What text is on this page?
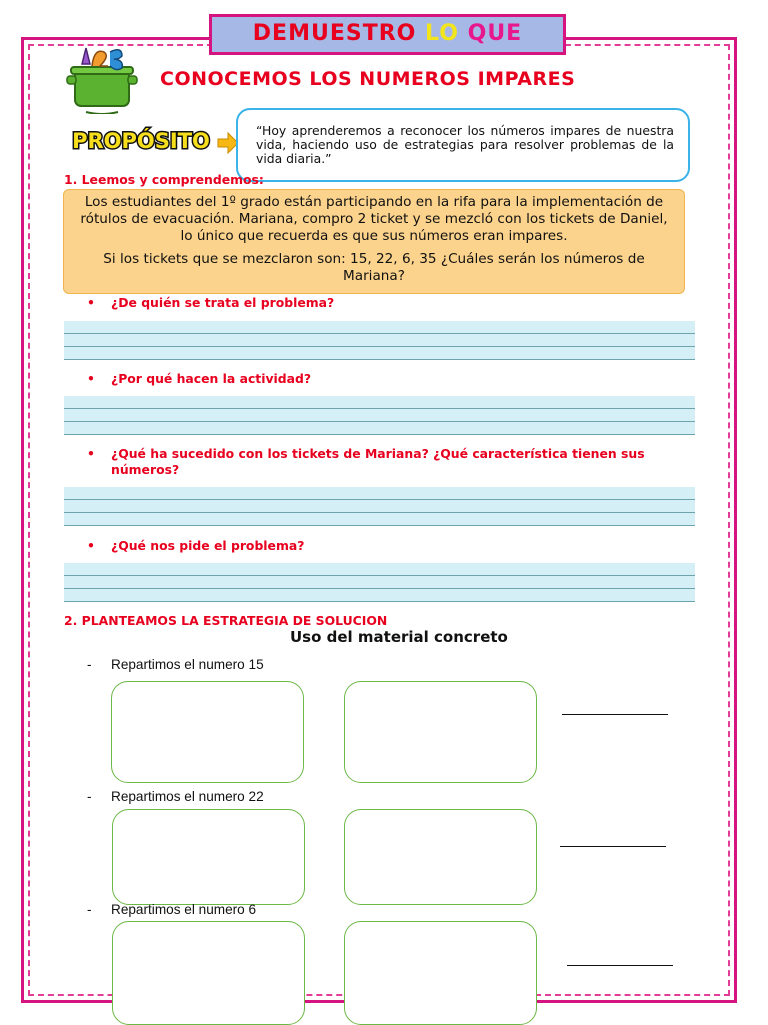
DEMUESTRO LO QUE
CONOCEMOS LOS NUMEROS IMPARES
PROPÓSITO	“Hoy aprenderemos a reconocer los números impares de nuestra vida, haciendo uso de estrategias para resolver problemas de la vida diaria.”
1. Leemos y comprendemos:

Los estudiantes del 1º grado están participando en la rifa para la implementación de rótulos de evacuación. Mariana, compro 2 ticket y se mezcló con los tickets de Daniel, lo único que recuerda es que sus números eran impares.

Si los tickets que se mezclaron son: 15, 22, 6, 35 ¿Cuáles serán los números de Mariana?

•	¿De quién se trata el problema?
•	¿Por qué hacen la actividad?
•	¿Qué ha sucedido con los tickets de Mariana? ¿Qué característica tienen sus números?
•	¿Qué nos pide el problema?
2. PLANTEAMOS LA ESTRATEGIA DE SOLUCION
Uso del material concreto
- Repartimos el numero 15
- Repartimos el numero 22
- Repartimos el numero 6
